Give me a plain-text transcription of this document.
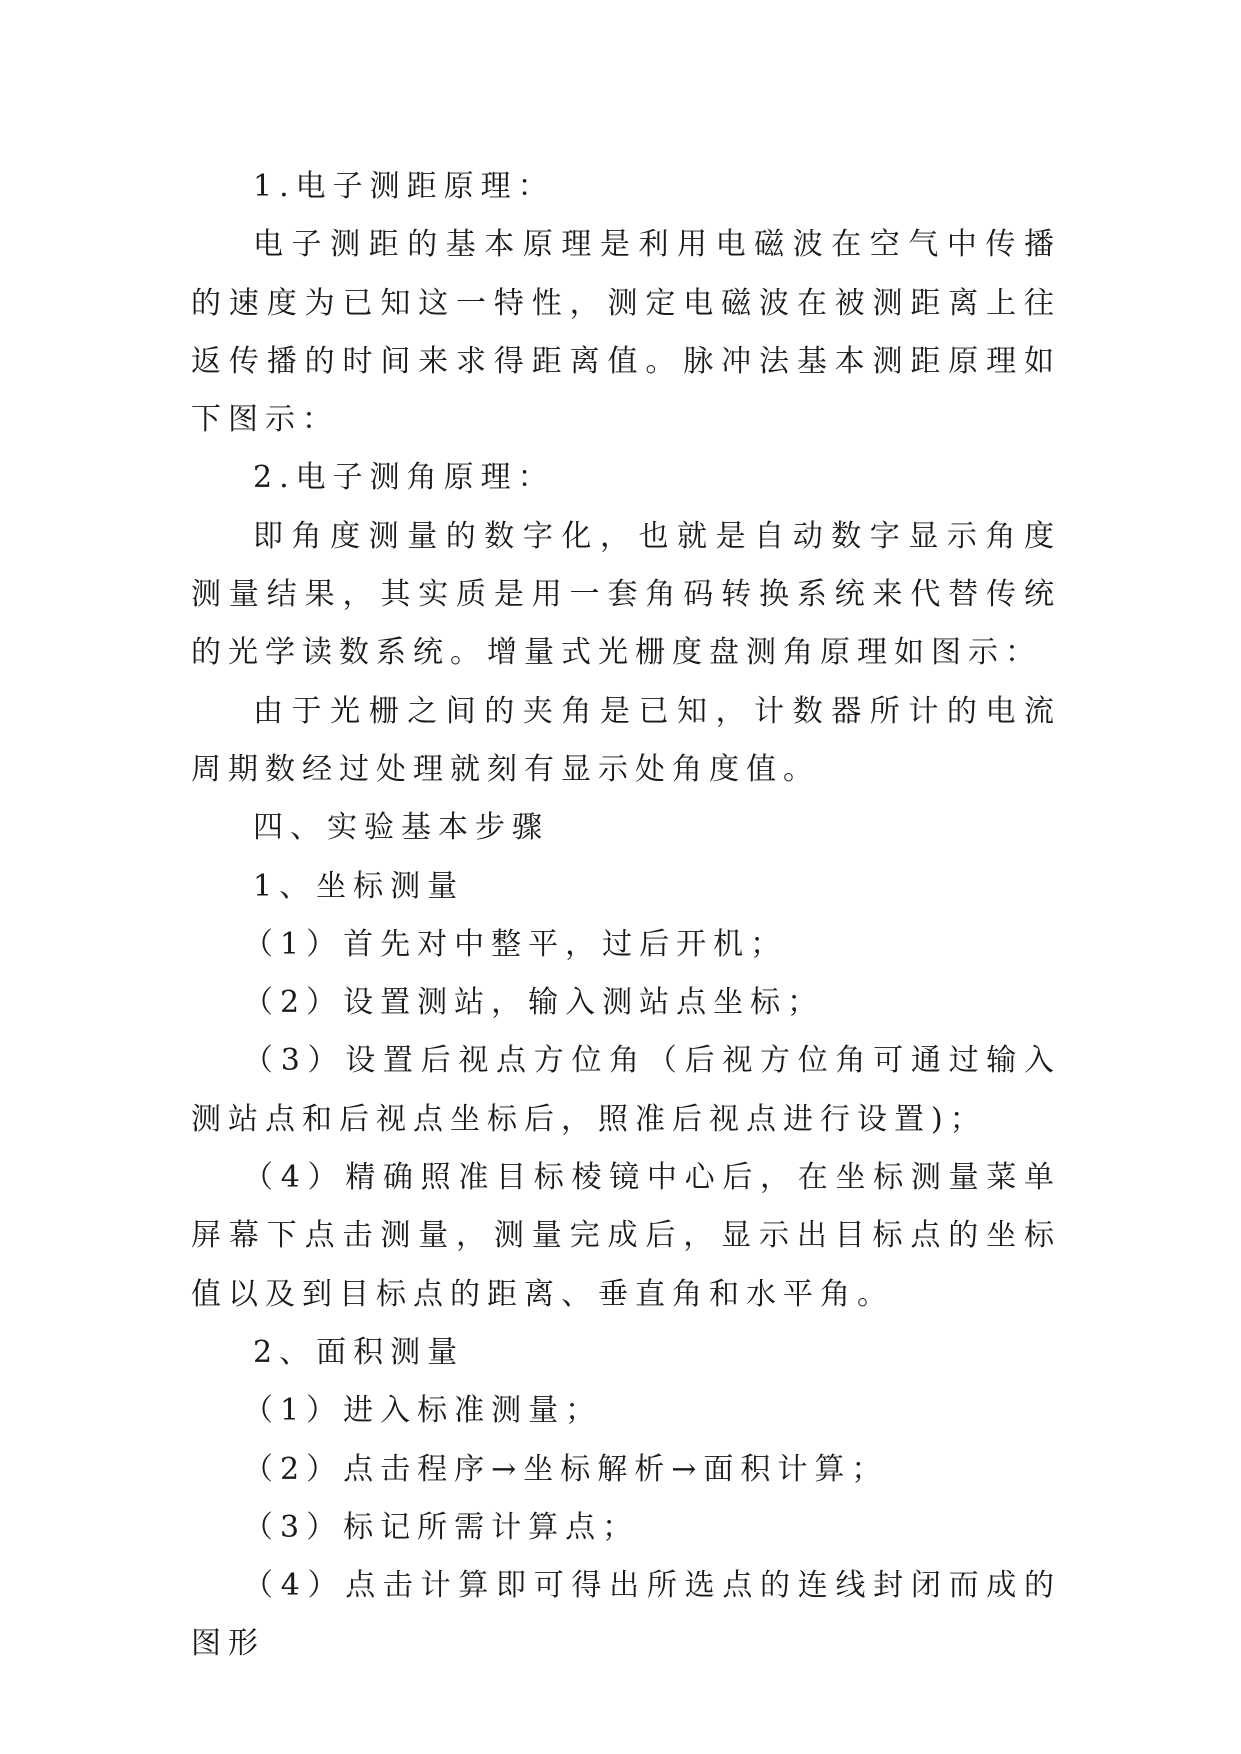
1.电子测距原理：

电子测距的基本原理是利用电磁波在空气中传播的速度为已知这一特性，测定电磁波在被测距离上往返传播的时间来求得距离值。脉冲法基本测距原理如下图示：

2.电子测角原理：

即角度测量的数字化，也就是自动数字显示角度测量结果，其实质是用一套角码转换系统来代替传统的光学读数系统。增量式光栅度盘测角原理如图示：

由于光栅之间的夹角是已知，计数器所计的电流周期数经过处理就刻有显示处角度值。

四、实验基本步骤

1、坐标测量

（1）首先对中整平，过后开机；

（2）设置测站，输入测站点坐标；

（3）设置后视点方位角（后视方位角可通过输入测站点和后视点坐标后，照准后视点进行设置)；

（4）精确照准目标棱镜中心后，在坐标测量菜单屏幕下点击测量，测量完成后，显示出目标点的坐标值以及到目标点的距离、垂直角和水平角。

2、面积测量

（1）进入标准测量；

（2）点击程序→坐标解析→面积计算；

（3）标记所需计算点；

（4）点击计算即可得出所选点的连线封闭而成的图形
